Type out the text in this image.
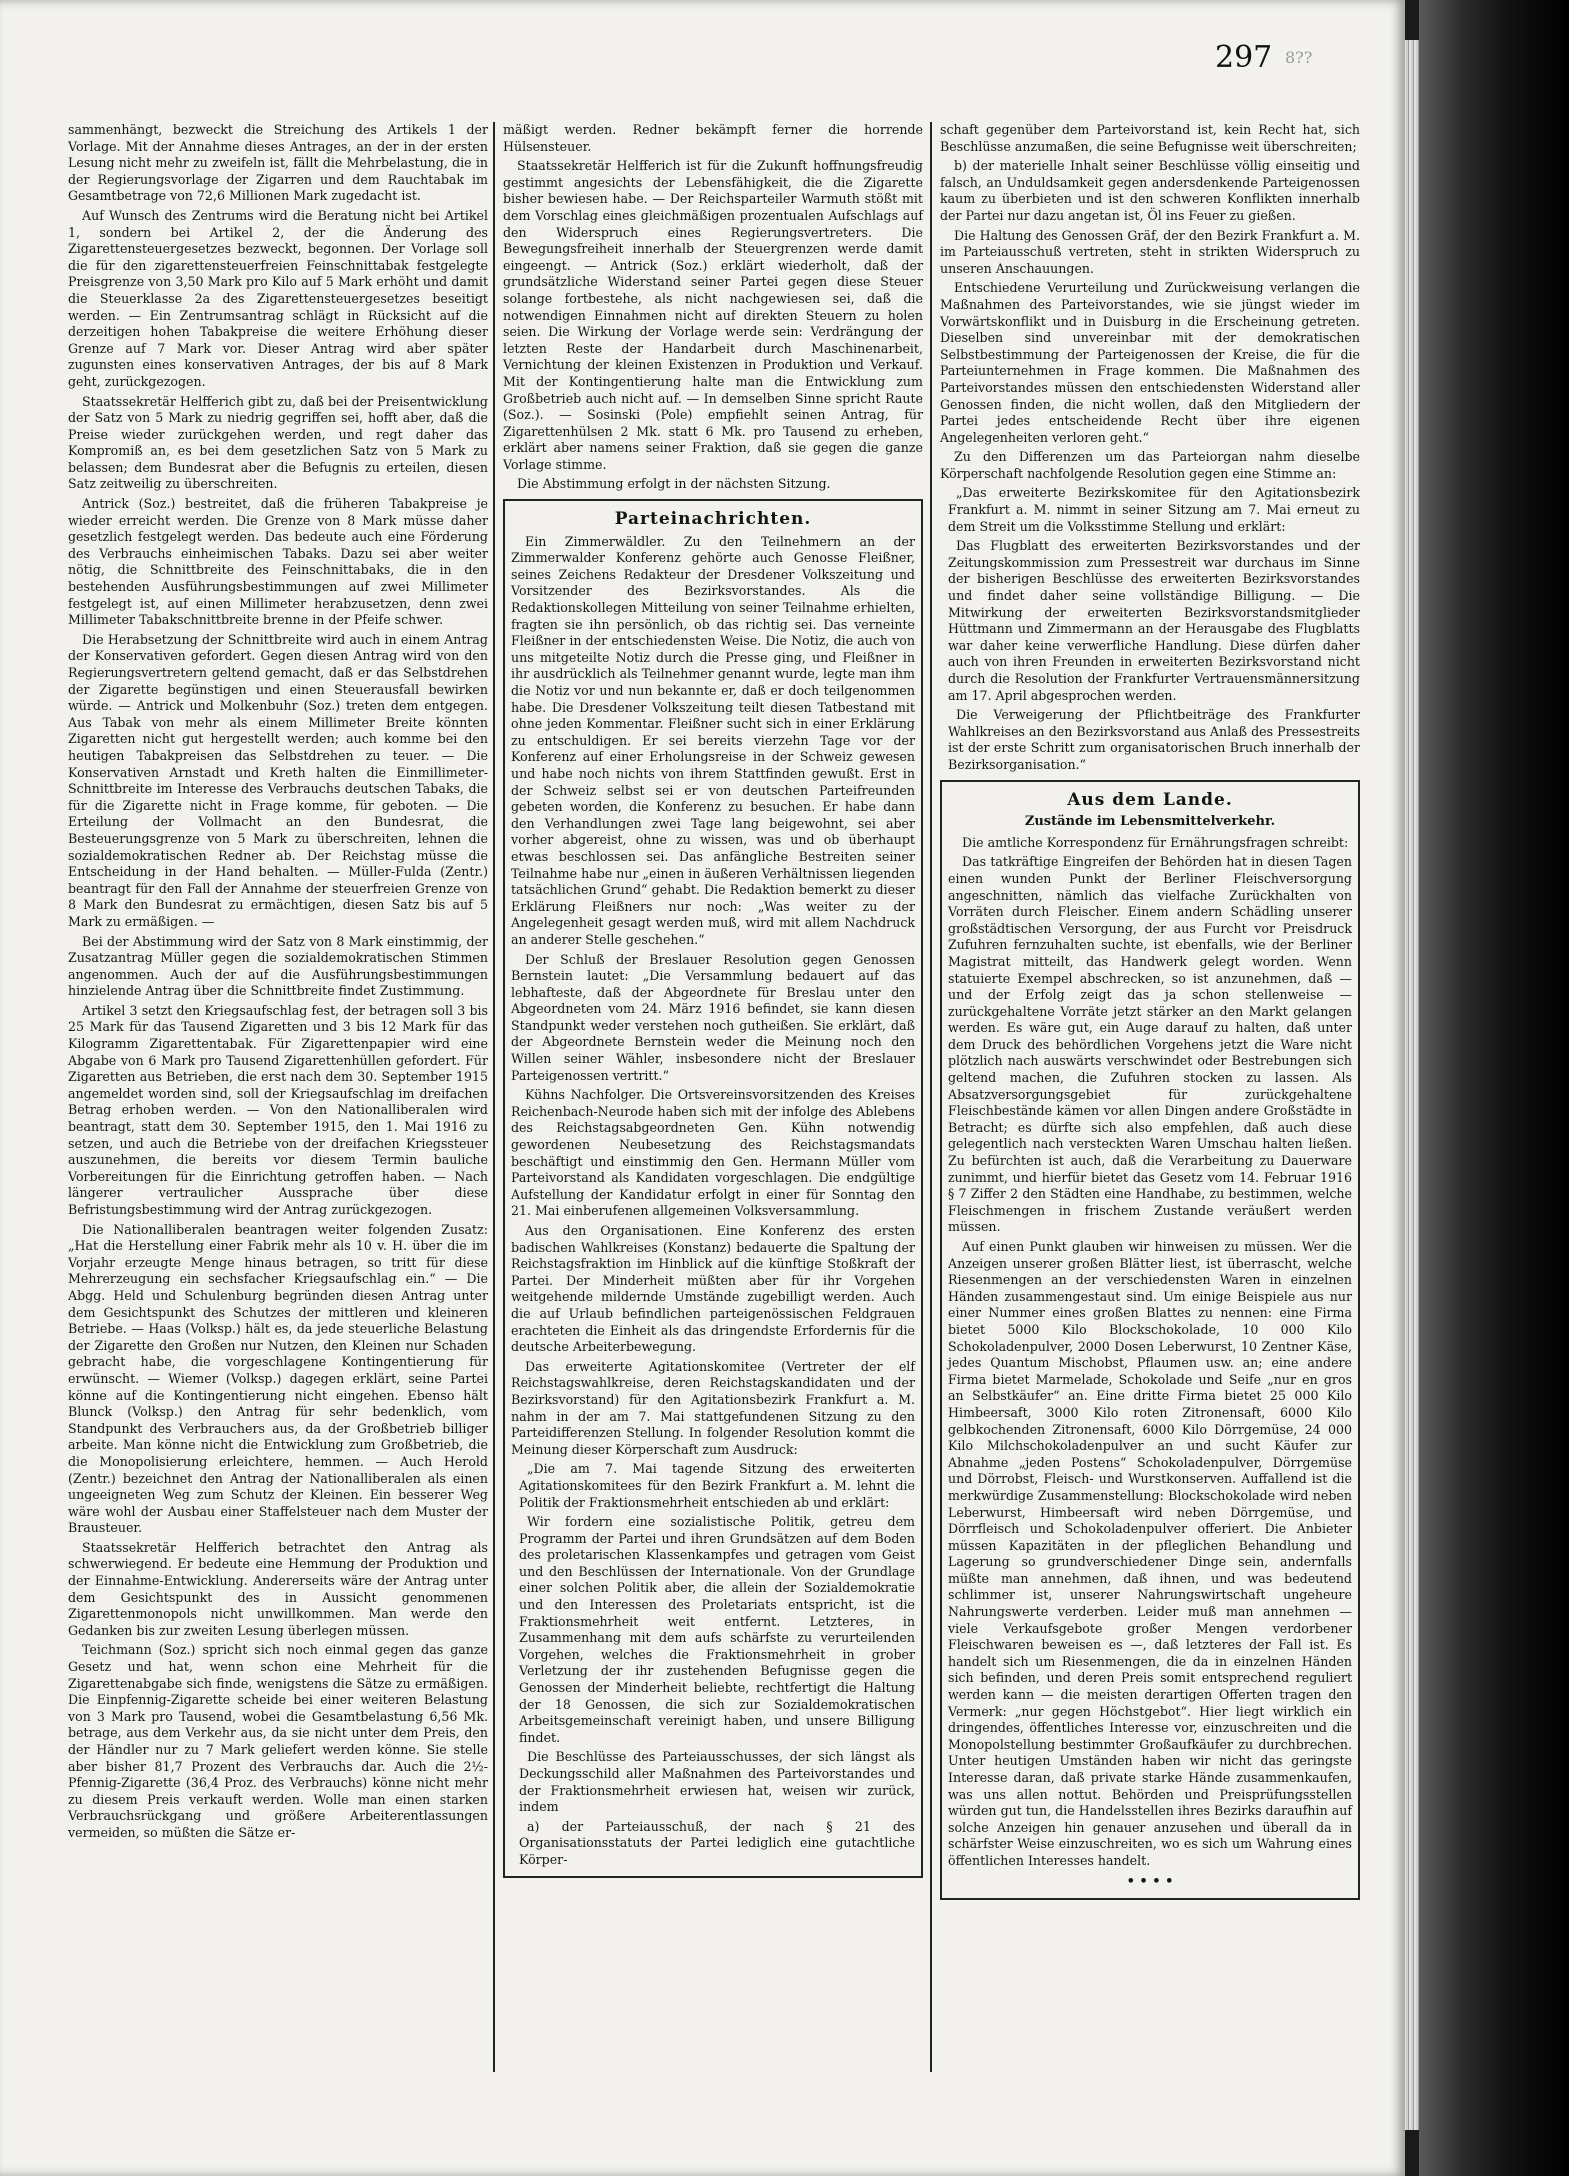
297 8??

sammenhängt, bezweckt die Streichung des Artikels 1 der Vorlage. Mit der Annahme dieses Antrages, an der in der ersten Lesung nicht mehr zu zweifeln ist, fällt die Mehrbelastung, die in der Regierungsvorlage der Zigarren und dem Rauchtabak im Gesamtbetrage von 72,6 Millionen Mark zugedacht ist.

Auf Wunsch des Zentrums wird die Beratung nicht bei Artikel 1, sondern bei Artikel 2, der die Änderung des Zigarettensteuergesetzes bezweckt, begonnen. Der Vorlage soll die für den zigarettensteuerfreien Feinschnittabak festgelegte Preisgrenze von 3,50 Mark pro Kilo auf 5 Mark erhöht und damit die Steuerklasse 2a des Zigarettensteuergesetzes beseitigt werden. — Ein Zentrumsantrag schlägt in Rücksicht auf die derzeitigen hohen Tabakpreise die weitere Erhöhung dieser Grenze auf 7 Mark vor. Dieser Antrag wird aber später zugunsten eines konservativen Antrages, der bis auf 8 Mark geht, zurückgezogen.

Staatssekretär Helfferich gibt zu, daß bei der Preisentwicklung der Satz von 5 Mark zu niedrig gegriffen sei, hofft aber, daß die Preise wieder zurückgehen werden, und regt daher das Kompromiß an, es bei dem gesetzlichen Satz von 5 Mark zu belassen; dem Bundesrat aber die Befugnis zu erteilen, diesen Satz zeitweilig zu überschreiten.

Antrick (Soz.) bestreitet, daß die früheren Tabakpreise je wieder erreicht werden. Die Grenze von 8 Mark müsse daher gesetzlich festgelegt werden. Das bedeute auch eine Förderung des Verbrauchs einheimischen Tabaks. Dazu sei aber weiter nötig, die Schnittbreite des Feinschnittabaks, die in den bestehenden Ausführungsbestimmungen auf zwei Millimeter festgelegt ist, auf einen Millimeter herabzusetzen, denn zwei Millimeter Tabakschnittbreite brenne in der Pfeife schwer.

Die Herabsetzung der Schnittbreite wird auch in einem Antrag der Konservativen gefordert. Gegen diesen Antrag wird von den Regierungsvertretern geltend gemacht, daß er das Selbstdrehen der Zigarette begünstigen und einen Steuerausfall bewirken würde. — Antrick und Molkenbuhr (Soz.) treten dem entgegen. Aus Tabak von mehr als einem Millimeter Breite könnten Zigaretten nicht gut hergestellt werden; auch komme bei den heutigen Tabakpreisen das Selbstdrehen zu teuer. — Die Konservativen Arnstadt und Kreth halten die Einmillimeter-Schnittbreite im Interesse des Verbrauchs deutschen Tabaks, die für die Zigarette nicht in Frage komme, für geboten. — Die Erteilung der Vollmacht an den Bundesrat, die Besteuerungsgrenze von 5 Mark zu überschreiten, lehnen die sozialdemokratischen Redner ab. Der Reichstag müsse die Entscheidung in der Hand behalten. — Müller-Fulda (Zentr.) beantragt für den Fall der Annahme der steuerfreien Grenze von 8 Mark den Bundesrat zu ermächtigen, diesen Satz bis auf 5 Mark zu ermäßigen. —

Bei der Abstimmung wird der Satz von 8 Mark einstimmig, der Zusatzantrag Müller gegen die sozialdemokratischen Stimmen angenommen. Auch der auf die Ausführungsbestimmungen hinzielende Antrag über die Schnittbreite findet Zustimmung.

Artikel 3 setzt den Kriegsaufschlag fest, der betragen soll 3 bis 25 Mark für das Tausend Zigaretten und 3 bis 12 Mark für das Kilogramm Zigarettentabak. Für Zigarettenpapier wird eine Abgabe von 6 Mark pro Tausend Zigarettenhüllen gefordert. Für Zigaretten aus Betrieben, die erst nach dem 30. September 1915 angemeldet worden sind, soll der Kriegsaufschlag im dreifachen Betrag erhoben werden. — Von den Nationalliberalen wird beantragt, statt dem 30. September 1915, den 1. Mai 1916 zu setzen, und auch die Betriebe von der dreifachen Kriegssteuer auszunehmen, die bereits vor diesem Termin bauliche Vorbereitungen für die Einrichtung getroffen haben. — Nach längerer vertraulicher Aussprache über diese Befristungsbestimmung wird der Antrag zurückgezogen.

Die Nationalliberalen beantragen weiter folgenden Zusatz: „Hat die Herstellung einer Fabrik mehr als 10 v. H. über die im Vorjahr erzeugte Menge hinaus betragen, so tritt für diese Mehrerzeugung ein sechsfacher Kriegsaufschlag ein.“ — Die Abgg. Held und Schulenburg begründen diesen Antrag unter dem Gesichtspunkt des Schutzes der mittleren und kleineren Betriebe. — Haas (Volksp.) hält es, da jede steuerliche Belastung der Zigarette den Großen nur Nutzen, den Kleinen nur Schaden gebracht habe, die vorgeschlagene Kontingentierung für erwünscht. — Wiemer (Volksp.) dagegen erklärt, seine Partei könne auf die Kontingentierung nicht eingehen. Ebenso hält Blunck (Volksp.) den Antrag für sehr bedenklich, vom Standpunkt des Verbrauchers aus, da der Großbetrieb billiger arbeite. Man könne nicht die Entwicklung zum Großbetrieb, die die Monopolisierung erleichtere, hemmen. — Auch Herold (Zentr.) bezeichnet den Antrag der Nationalliberalen als einen ungeeigneten Weg zum Schutz der Kleinen. Ein besserer Weg wäre wohl der Ausbau einer Staffelsteuer nach dem Muster der Brausteuer.

Staatssekretär Helfferich betrachtet den Antrag als schwerwiegend. Er bedeute eine Hemmung der Produktion und der Einnahme-Entwicklung. Andererseits wäre der Antrag unter dem Gesichtspunkt des in Aussicht genommenen Zigarettenmonopols nicht unwillkommen. Man werde den Gedanken bis zur zweiten Lesung überlegen müssen.

Teichmann (Soz.) spricht sich noch einmal gegen das ganze Gesetz und hat, wenn schon eine Mehrheit für die Zigarettenabgabe sich finde, wenigstens die Sätze zu ermäßigen. Die Einpfennig-Zigarette scheide bei einer weiteren Belastung von 3 Mark pro Tausend, wobei die Gesamtbelastung 6,56 Mk. betrage, aus dem Verkehr aus, da sie nicht unter dem Preis, den der Händler nur zu 7 Mark geliefert werden könne. Sie stelle aber bisher 81,7 Prozent des Verbrauchs dar. Auch die 2½-Pfennig-Zigarette (36,4 Proz. des Verbrauchs) könne nicht mehr zu diesem Preis verkauft werden. Wolle man einen starken Verbrauchsrückgang und größere Arbeiterentlassungen vermeiden, so müßten die Sätze er-

mäßigt werden. Redner bekämpft ferner die horrende Hülsensteuer.

Staatssekretär Helfferich ist für die Zukunft hoffnungsfreudig gestimmt angesichts der Lebensfähigkeit, die die Zigarette bisher bewiesen habe. — Der Reichsparteiler Warmuth stößt mit dem Vorschlag eines gleichmäßigen prozentualen Aufschlags auf den Widerspruch eines Regierungsvertreters. Die Bewegungsfreiheit innerhalb der Steuergrenzen werde damit eingeengt. — Antrick (Soz.) erklärt wiederholt, daß der grundsätzliche Widerstand seiner Partei gegen diese Steuer solange fortbestehe, als nicht nachgewiesen sei, daß die notwendigen Einnahmen nicht auf direkten Steuern zu holen seien. Die Wirkung der Vorlage werde sein: Verdrängung der letzten Reste der Handarbeit durch Maschinenarbeit, Vernichtung der kleinen Existenzen in Produktion und Verkauf. Mit der Kontingentierung halte man die Entwicklung zum Großbetrieb auch nicht auf. — In demselben Sinne spricht Raute (Soz.). — Sosinski (Pole) empfiehlt seinen Antrag, für Zigarettenhülsen 2 Mk. statt 6 Mk. pro Tausend zu erheben, erklärt aber namens seiner Fraktion, daß sie gegen die ganze Vorlage stimme.

Die Abstimmung erfolgt in der nächsten Sitzung.

Parteinachrichten.

Ein Zimmerwäldler. Zu den Teilnehmern an der Zimmerwalder Konferenz gehörte auch Genosse Fleißner, seines Zeichens Redakteur der Dresdener Volkszeitung und Vorsitzender des Bezirksvorstandes. Als die Redaktionskollegen Mitteilung von seiner Teilnahme erhielten, fragten sie ihn persönlich, ob das richtig sei. Das verneinte Fleißner in der entschiedensten Weise. Die Notiz, die auch von uns mitgeteilte Notiz durch die Presse ging, und Fleißner in ihr ausdrücklich als Teilnehmer genannt wurde, legte man ihm die Notiz vor und nun bekannte er, daß er doch teilgenommen habe. Die Dresdener Volkszeitung teilt diesen Tatbestand mit ohne jeden Kommentar. Fleißner sucht sich in einer Erklärung zu entschuldigen. Er sei bereits vierzehn Tage vor der Konferenz auf einer Erholungsreise in der Schweiz gewesen und habe noch nichts von ihrem Stattfinden gewußt. Erst in der Schweiz selbst sei er von deutschen Parteifreunden gebeten worden, die Konferenz zu besuchen. Er habe dann den Verhandlungen zwei Tage lang beigewohnt, sei aber vorher abgereist, ohne zu wissen, was und ob überhaupt etwas beschlossen sei. Das anfängliche Bestreiten seiner Teilnahme habe nur „einen in äußeren Verhältnissen liegenden tatsächlichen Grund“ gehabt. Die Redaktion bemerkt zu dieser Erklärung Fleißners nur noch: „Was weiter zu der Angelegenheit gesagt werden muß, wird mit allem Nachdruck an anderer Stelle geschehen.“

Der Schluß der Breslauer Resolution gegen Genossen Bernstein lautet: „Die Versammlung bedauert auf das lebhafteste, daß der Abgeordnete für Breslau unter den Abgeordneten vom 24. März 1916 befindet, sie kann diesen Standpunkt weder verstehen noch gutheißen. Sie erklärt, daß der Abgeordnete Bernstein weder die Meinung noch den Willen seiner Wähler, insbesondere nicht der Breslauer Parteigenossen vertritt.“

Kühns Nachfolger. Die Ortsvereinsvorsitzenden des Kreises Reichenbach-Neurode haben sich mit der infolge des Ablebens des Reichstagsabgeordneten Gen. Kühn notwendig gewordenen Neubesetzung des Reichstagsmandats beschäftigt und einstimmig den Gen. Hermann Müller vom Parteivorstand als Kandidaten vorgeschlagen. Die endgültige Aufstellung der Kandidatur erfolgt in einer für Sonntag den 21. Mai einberufenen allgemeinen Volksversammlung.

Aus den Organisationen. Eine Konferenz des ersten badischen Wahlkreises (Konstanz) bedauerte die Spaltung der Reichstagsfraktion im Hinblick auf die künftige Stoßkraft der Partei. Der Minderheit müßten aber für ihr Vorgehen weitgehende mildernde Umstände zugebilligt werden. Auch die auf Urlaub befindlichen parteigenössischen Feldgrauen erachteten die Einheit als das dringendste Erfordernis für die deutsche Arbeiterbewegung.

Das erweiterte Agitationskomitee (Vertreter der elf Reichstagswahlkreise, deren Reichstagskandidaten und der Bezirksvorstand) für den Agitationsbezirk Frankfurt a. M. nahm in der am 7. Mai stattgefundenen Sitzung zu den Parteidifferenzen Stellung. In folgender Resolution kommt die Meinung dieser Körperschaft zum Ausdruck:

„Die am 7. Mai tagende Sitzung des erweiterten Agitationskomitees für den Bezirk Frankfurt a. M. lehnt die Politik der Fraktionsmehrheit entschieden ab und erklärt:

Wir fordern eine sozialistische Politik, getreu dem Programm der Partei und ihren Grundsätzen auf dem Boden des proletarischen Klassenkampfes und getragen vom Geist und den Beschlüssen der Internationale. Von der Grundlage einer solchen Politik aber, die allein der Sozialdemokratie und den Interessen des Proletariats entspricht, ist die Fraktionsmehrheit weit entfernt. Letzteres, in Zusammenhang mit dem aufs schärfste zu verurteilenden Vorgehen, welches die Fraktionsmehrheit in grober Verletzung der ihr zustehenden Befugnisse gegen die Genossen der Minderheit beliebte, rechtfertigt die Haltung der 18 Genossen, die sich zur Sozialdemokratischen Arbeitsgemeinschaft vereinigt haben, und unsere Billigung findet.

Die Beschlüsse des Parteiausschusses, der sich längst als Deckungsschild aller Maßnahmen des Parteivorstandes und der Fraktionsmehrheit erwiesen hat, weisen wir zurück, indem

a) der Parteiausschuß, der nach § 21 des Organisationsstatuts der Partei lediglich eine gutachtliche Körper-

schaft gegenüber dem Parteivorstand ist, kein Recht hat, sich Beschlüsse anzumaßen, die seine Befugnisse weit überschreiten;

b) der materielle Inhalt seiner Beschlüsse völlig einseitig und falsch, an Unduldsamkeit gegen andersdenkende Parteigenossen kaum zu überbieten und ist den schweren Konflikten innerhalb der Partei nur dazu angetan ist, Öl ins Feuer zu gießen.

Die Haltung des Genossen Gräf, der den Bezirk Frankfurt a. M. im Parteiausschuß vertreten, steht in strikten Widerspruch zu unseren Anschauungen.

Entschiedene Verurteilung und Zurückweisung verlangen die Maßnahmen des Parteivorstandes, wie sie jüngst wieder im Vorwärtskonflikt und in Duisburg in die Erscheinung getreten. Dieselben sind unvereinbar mit der demokratischen Selbstbestimmung der Parteigenossen der Kreise, die für die Parteiunternehmen in Frage kommen. Die Maßnahmen des Parteivorstandes müssen den entschiedensten Widerstand aller Genossen finden, die nicht wollen, daß den Mitgliedern der Partei jedes entscheidende Recht über ihre eigenen Angelegenheiten verloren geht.“

Zu den Differenzen um das Parteiorgan nahm dieselbe Körperschaft nachfolgende Resolution gegen eine Stimme an:

„Das erweiterte Bezirkskomitee für den Agitationsbezirk Frankfurt a. M. nimmt in seiner Sitzung am 7. Mai erneut zu dem Streit um die Volksstimme Stellung und erklärt:

Das Flugblatt des erweiterten Bezirksvorstandes und der Zeitungskommission zum Pressestreit war durchaus im Sinne der bisherigen Beschlüsse des erweiterten Bezirksvorstandes und findet daher seine vollständige Billigung. — Die Mitwirkung der erweiterten Bezirksvorstandsmitglieder Hüttmann und Zimmermann an der Herausgabe des Flugblatts war daher keine verwerfliche Handlung. Diese dürfen daher auch von ihren Freunden in erweiterten Bezirksvorstand nicht durch die Resolution der Frankfurter Vertrauensmännersitzung am 17. April abgesprochen werden.

Die Verweigerung der Pflichtbeiträge des Frankfurter Wahlkreises an den Bezirksvorstand aus Anlaß des Pressestreits ist der erste Schritt zum organisatorischen Bruch innerhalb der Bezirksorganisation.“

Aus dem Lande.

Zustände im Lebensmittelverkehr.

Die amtliche Korrespondenz für Ernährungsfragen schreibt:

Das tatkräftige Eingreifen der Behörden hat in diesen Tagen einen wunden Punkt der Berliner Fleischversorgung angeschnitten, nämlich das vielfache Zurückhalten von Vorräten durch Fleischer. Einem andern Schädling unserer großstädtischen Versorgung, der aus Furcht vor Preisdruck Zufuhren fernzuhalten suchte, ist ebenfalls, wie der Berliner Magistrat mitteilt, das Handwerk gelegt worden. Wenn statuierte Exempel abschrecken, so ist anzunehmen, daß — und der Erfolg zeigt das ja schon stellenweise — zurückgehaltene Vorräte jetzt stärker an den Markt gelangen werden. Es wäre gut, ein Auge darauf zu halten, daß unter dem Druck des behördlichen Vorgehens jetzt die Ware nicht plötzlich nach auswärts verschwindet oder Bestrebungen sich geltend machen, die Zufuhren stocken zu lassen. Als Absatzversorgungsgebiet für zurückgehaltene Fleischbestände kämen vor allen Dingen andere Großstädte in Betracht; es dürfte sich also empfehlen, daß auch diese gelegentlich nach versteckten Waren Umschau halten ließen. Zu befürchten ist auch, daß die Verarbeitung zu Dauerware zunimmt, und hierfür bietet das Gesetz vom 14. Februar 1916 § 7 Ziffer 2 den Städten eine Handhabe, zu bestimmen, welche Fleischmengen in frischem Zustande veräußert werden müssen.

Auf einen Punkt glauben wir hinweisen zu müssen. Wer die Anzeigen unserer großen Blätter liest, ist überrascht, welche Riesenmengen an der verschiedensten Waren in einzelnen Händen zusammengestaut sind. Um einige Beispiele aus nur einer Nummer eines großen Blattes zu nennen: eine Firma bietet 5000 Kilo Blockschokolade, 10 000 Kilo Schokoladenpulver, 2000 Dosen Leberwurst, 10 Zentner Käse, jedes Quantum Mischobst, Pflaumen usw. an; eine andere Firma bietet Marmelade, Schokolade und Seife „nur en gros an Selbstkäufer“ an. Eine dritte Firma bietet 25 000 Kilo Himbeersaft, 3000 Kilo roten Zitronensaft, 6000 Kilo gelbkochenden Zitronensaft, 6000 Kilo Dörrgemüse, 24 000 Kilo Milchschokoladenpulver an und sucht Käufer zur Abnahme „jeden Postens“ Schokoladenpulver, Dörrgemüse und Dörrobst, Fleisch- und Wurstkonserven. Auffallend ist die merkwürdige Zusammenstellung: Blockschokolade wird neben Leberwurst, Himbeersaft wird neben Dörrgemüse, und Dörrfleisch und Schokoladenpulver offeriert. Die Anbieter müssen Kapazitäten in der pfleglichen Behandlung und Lagerung so grundverschiedener Dinge sein, andernfalls müßte man annehmen, daß ihnen, und was bedeutend schlimmer ist, unserer Nahrungswirtschaft ungeheure Nahrungswerte verderben. Leider muß man annehmen — viele Verkaufsgebote großer Mengen verdorbener Fleischwaren beweisen es —, daß letzteres der Fall ist. Es handelt sich um Riesenmengen, die da in einzelnen Händen sich befinden, und deren Preis somit entsprechend reguliert werden kann — die meisten derartigen Offerten tragen den Vermerk: „nur gegen Höchstgebot“. Hier liegt wirklich ein dringendes, öffentliches Interesse vor, einzuschreiten und die Monopolstellung bestimmter Großaufkäufer zu durchbrechen. Unter heutigen Umständen haben wir nicht das geringste Interesse daran, daß private starke Hände zusammenkaufen, was uns allen nottut. Behörden und Preisprüfungsstellen würden gut tun, die Handelsstellen ihres Bezirks daraufhin auf solche Anzeigen hin genauer anzusehen und überall da in schärfster Weise einzuschreiten, wo es sich um Wahrung eines öffentlichen Interesses handelt.

• • • •
